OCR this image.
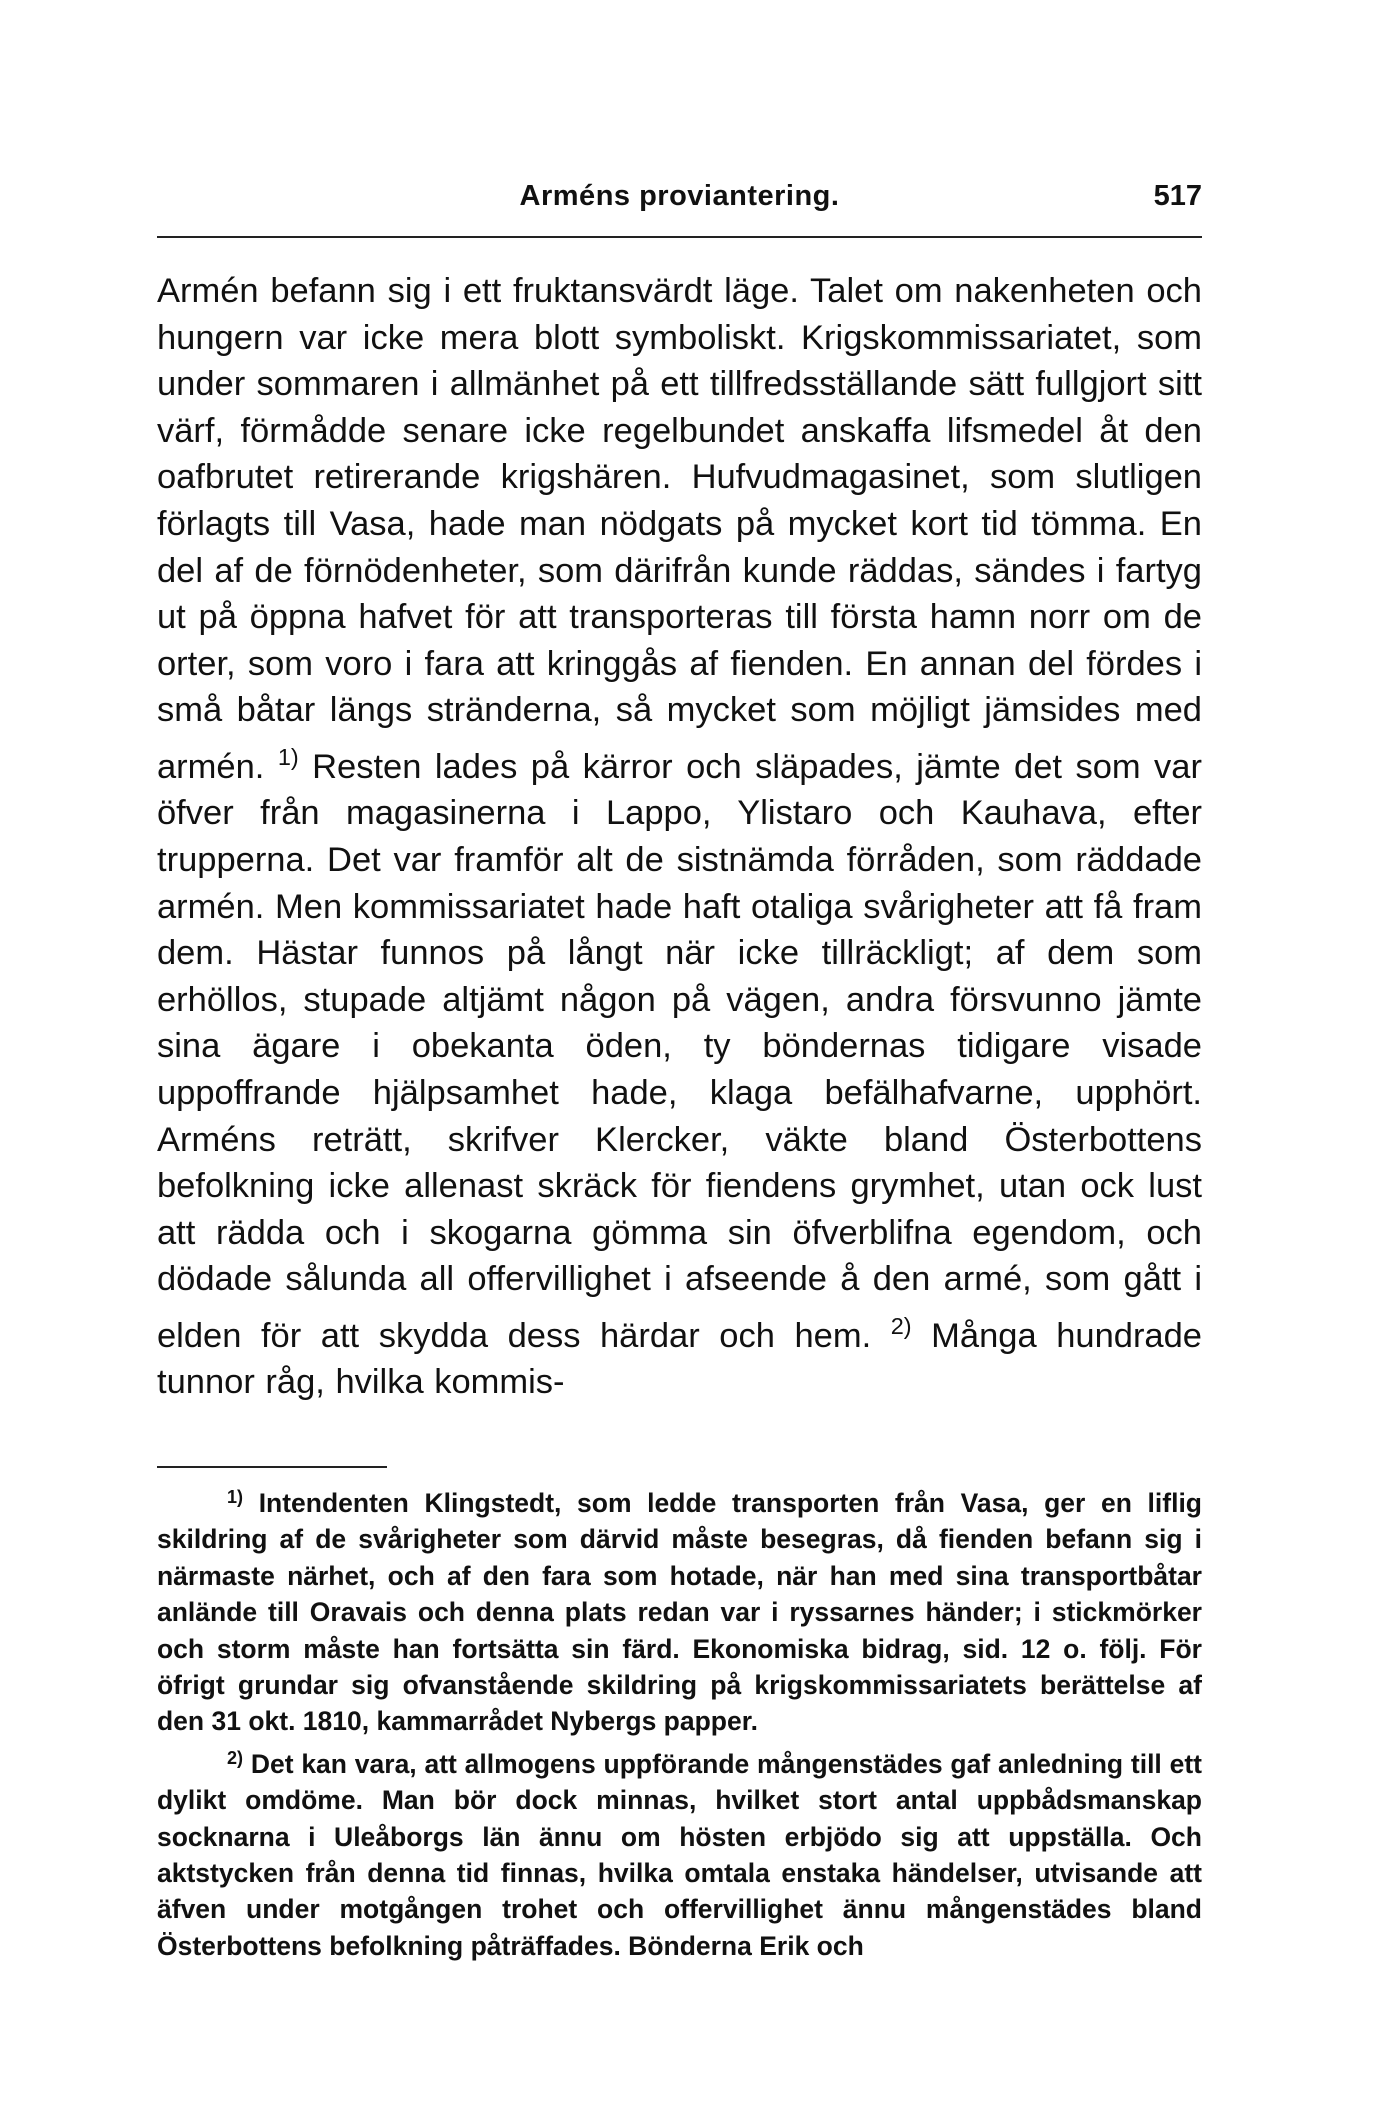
Arméns proviantering.	517

Armén befann sig i ett fruktansvärdt läge. Talet om nakenheten och hungern var icke mera blott symboliskt. Krigskommissariatet, som under sommaren i allmänhet på ett tillfredsställande sätt fullgjort sitt värf, förmådde senare icke regelbundet anskaffa lifsmedel åt den oafbrutet retirerande krigshären. Hufvudmagasinet, som slutligen förlagts till Vasa, hade man nödgats på mycket kort tid tömma. En del af de förnödenheter, som därifrån kunde räddas, sändes i fartyg ut på öppna hafvet för att transporteras till första hamn norr om de orter, som voro i fara att kringgås af fienden. En annan del fördes i små båtar längs stränderna, så mycket som möjligt jämsides med armén. $^{1)}$ Resten lades på kärror och släpades, jämte det som var öfver från magasinerna i Lappo, Ylistaro och Kauhava, efter trupperna. Det var framför alt de sistnämda förråden, som räddade armén. Men kommissariatet hade haft otaliga svårigheter att få fram dem. Hästar funnos på långt när icke tillräckligt; af dem som erhöllos, stupade altjämt någon på vägen, andra försvunno jämte sina ägare i obekanta öden, ty böndernas tidigare visade uppoffrande hjälpsamhet hade, klaga befälhafvarne, upphört. Arméns reträtt, skrifver Klercker, väkte bland Österbottens befolkning icke allenast skräck för fiendens grymhet, utan ock lust att rädda och i skogarna gömma sin öfverblifna egendom, och dödade sålunda all offervillighet i afseende å den armé, som gått i elden för att skydda dess härdar och hem. $^{2)}$ Många hundrade tunnor råg, hvilka kommis-

$^{1)}$ Intendenten Klingstedt, som ledde transporten från Vasa, ger en liflig skildring af de svårigheter som därvid måste besegras, då fienden befann sig i närmaste närhet, och af den fara som hotade, när han med sina transportbåtar anlände till Oravais och denna plats redan var i ryssarnes händer; i stickmörker och storm måste han fortsätta sin färd. Ekonomiska bidrag, sid. 12 o. följ. För öfrigt grundar sig ofvanstående skildring på krigskommissariatets berättelse af den 31 okt. 1810, kammarrådet Nybergs papper.

$^{2)}$ Det kan vara, att allmogens uppförande mångenstädes gaf anledning till ett dylikt omdöme. Man bör dock minnas, hvilket stort antal uppbådsmanskap socknarna i Uleåborgs län ännu om hösten erbjödo sig att uppställa. Och aktstycken från denna tid finnas, hvilka omtala enstaka händelser, utvisande att äfven under motgången trohet och offervillighet ännu mångenstädes bland Österbottens befolkning påträffades. Bönderna Erik och
